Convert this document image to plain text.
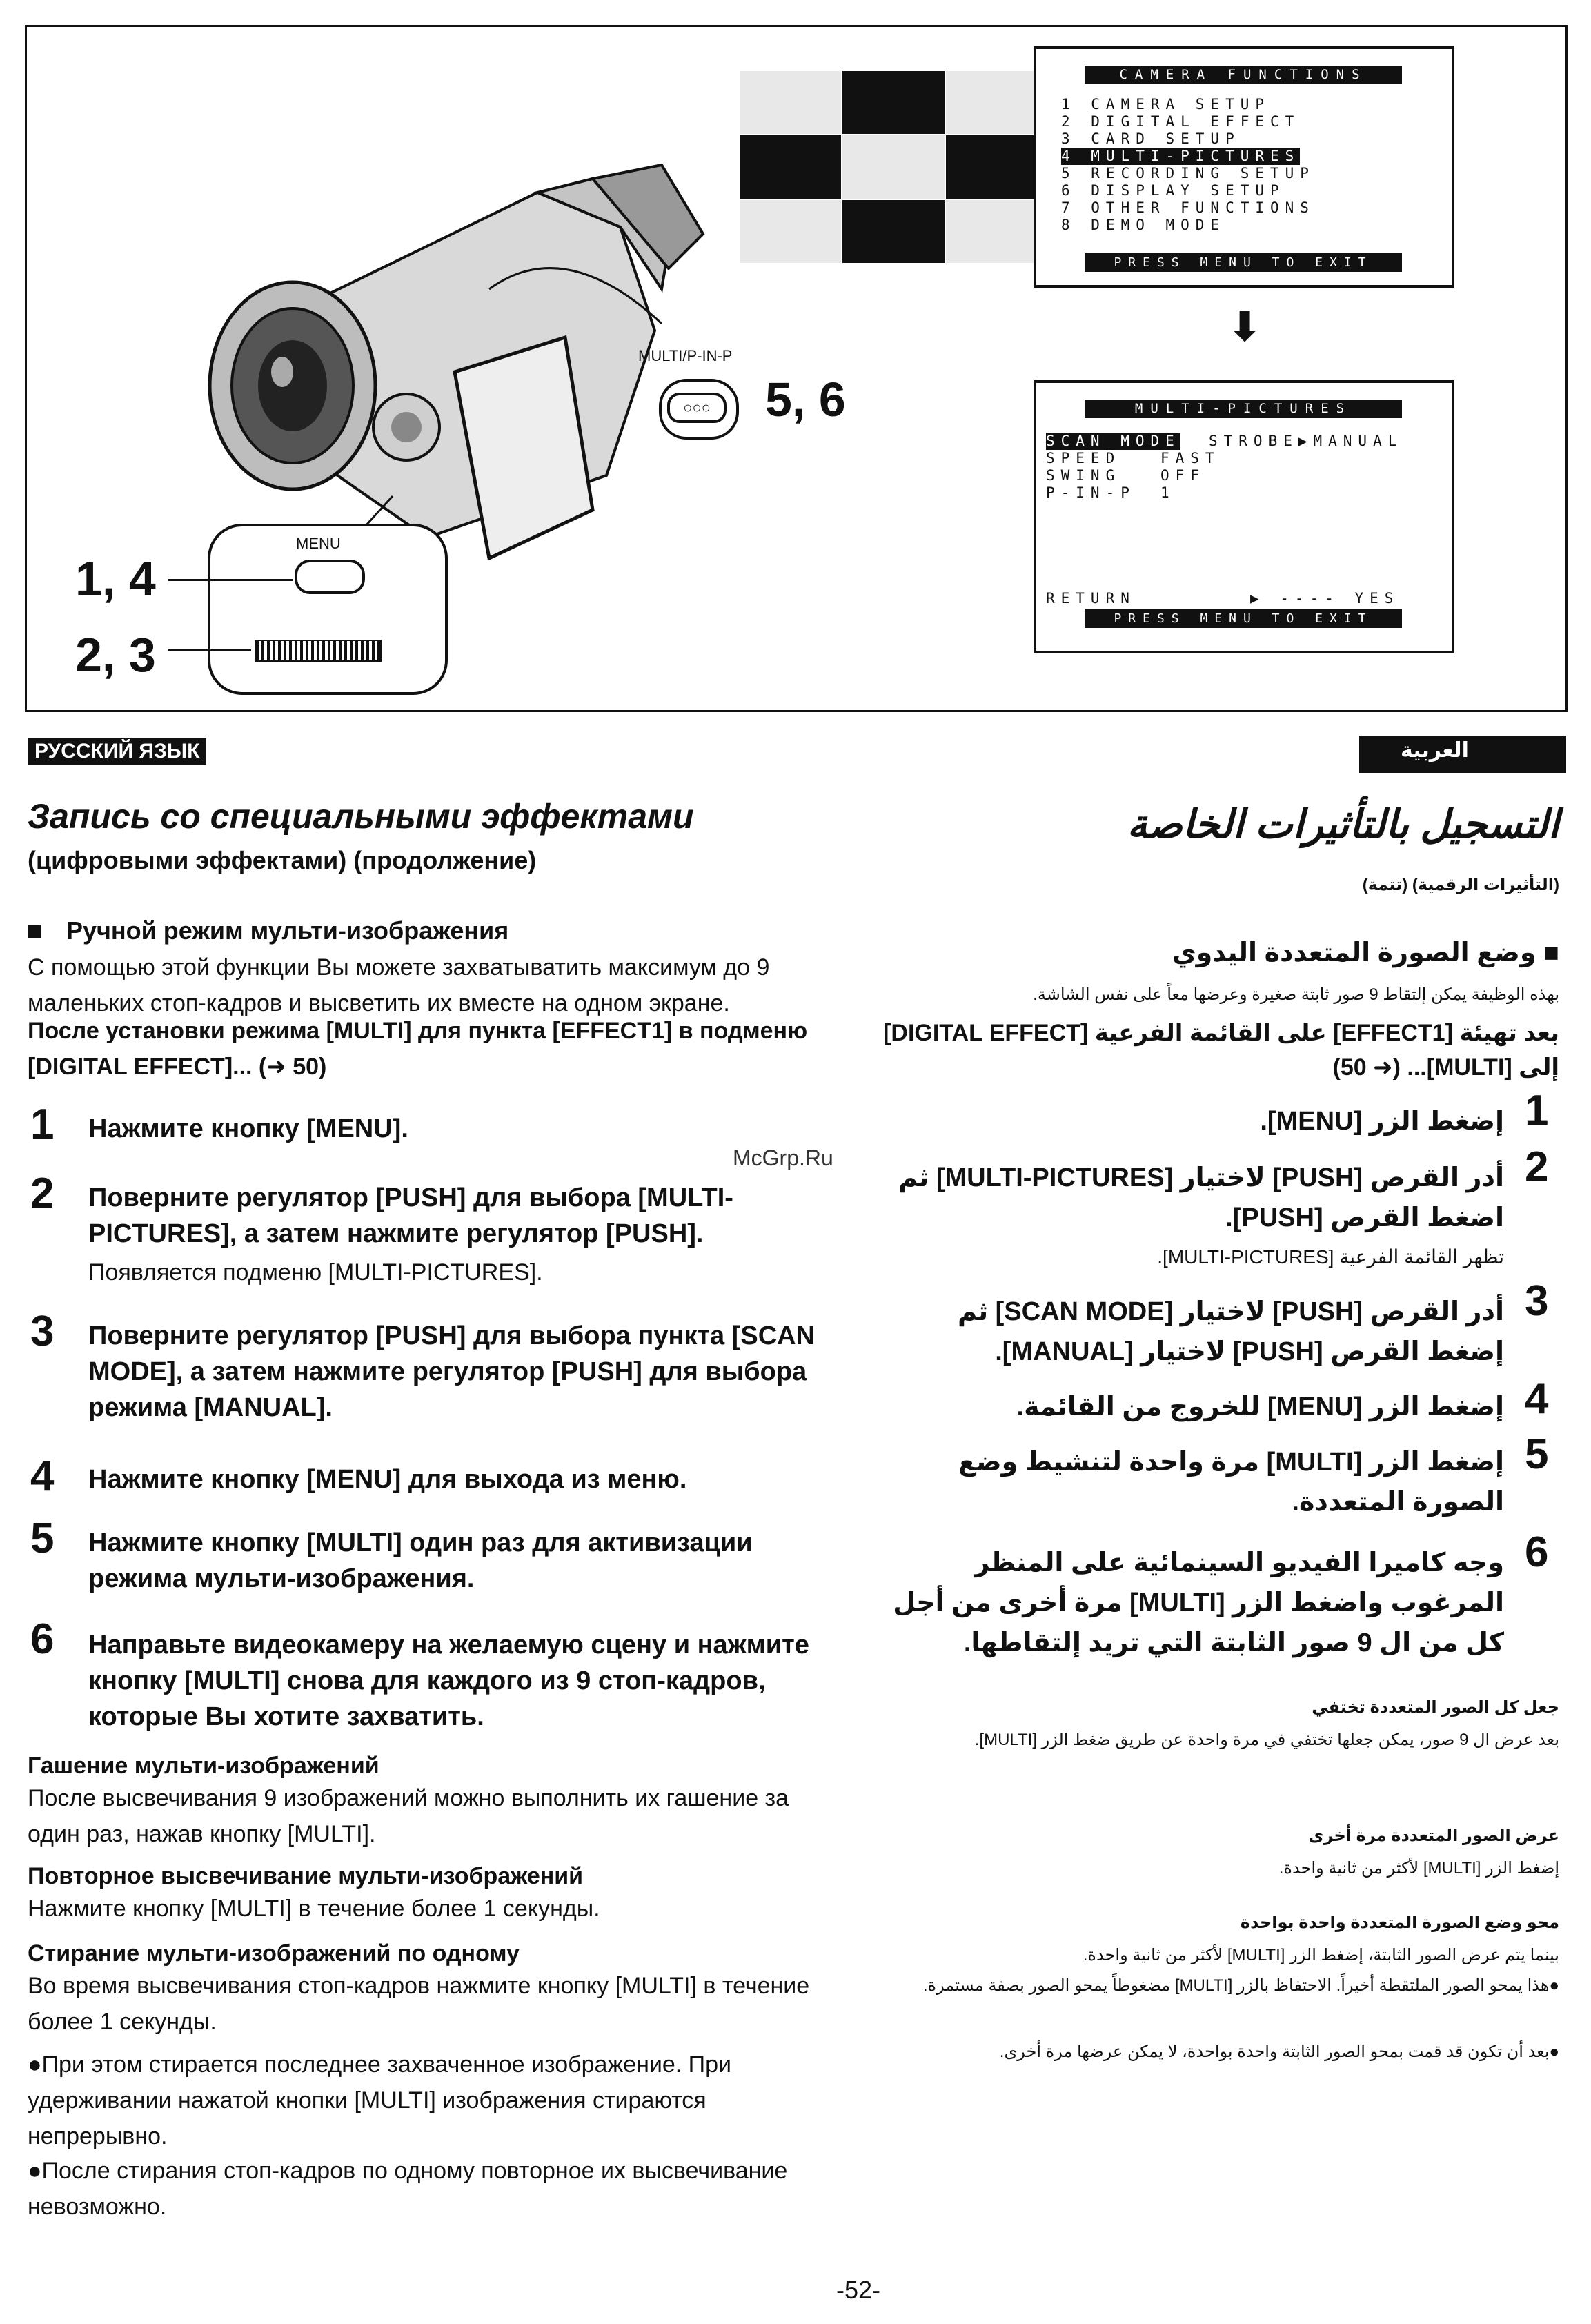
MENU
1, 4
2, 3
MULTI/P-IN-P
○○○	5, 6
CAMERA FUNCTIONS
1 CAMERA SETUP
2 DIGITAL EFFECT
3 CARD SETUP
4 MULTI-PICTURES
5 RECORDING SETUP
6 DISPLAY SETUP
7 OTHER FUNCTIONS
8 DEMO MODE
PRESS MENU TO EXIT
⬇
MULTI-PICTURES
SCAN MODE STROBE▶MANUAL
SPEED	FAST
SWING	OFF
P-IN-P 1
RETURN	▶ ---- YES
PRESS MENU TO EXIT
РУССКИЙ ЯЗЫК	العربية
Запись со специальными эффектами
(цифровыми эффектами) (продолжение)
Ручной режим мульти-изображения
С помощью этой функции Вы можете захватыватить максимум до 9 маленьких стоп-кадров и высветить их вместе на одном экране.
После установки режима [MULTI] для пункта [EFFECT1] в подменю [DIGITAL EFFECT]... (➜ 50)
1 Нажмите кнопку [MENU].
2 Поверните регулятор [PUSH] для выбора [MULTI-PICTURES], а затем нажмите регулятор [PUSH].
Появляется подменю [MULTI-PICTURES].
3 Поверните регулятор [PUSH] для выбора пункта [SCAN MODE], а затем нажмите регулятор [PUSH] для выбора режима [MANUAL].
4 Нажмите кнопку [MENU] для выхода из меню.
5 Нажмите кнопку [MULTI] один раз для активизации режима мульти-изображения.
6 Направьте видеокамеру на желаемую сцену и нажмите кнопку [MULTI] снова для каждого из 9 стоп-кадров, которые Вы хотите захватить.
Гашение мульти-изображений
После высвечивания 9 изображений можно выполнить их гашение за один раз, нажав кнопку [MULTI].
Повторное высвечивание мульти-изображений
Нажмите кнопку [MULTI] в течение более 1 секунды.
Стирание мульти-изображений по одному
Во время высвечивания стоп-кадров нажмите кнопку [MULTI] в течение более 1 секунды.
●При этом стирается последнее захваченное изображение. При удерживании нажатой кнопки [MULTI] изображения стираются непрерывно.
●После стирания стоп-кадров по одному повторное их высвечивание невозможно.
McGrp.Ru
التسجيل بالتأثيرات الخاصة
(التأثيرات الرقمية) (تتمة)
■ وضع الصورة المتعددة اليدوي
بهذه الوظيفة يمكن إلتقاط 9 صور ثابتة صغيرة وعرضها معاً على نفس الشاشة.
بعد تهيئة [EFFECT1] على القائمة الفرعية [DIGITAL EFFECT] إلى [MULTI]... (➜ 50)
1
إضغط الزر [MENU].
2
أدر القرص [PUSH] لاختيار [MULTI-PICTURES] ثم اضغط القرص [PUSH].
تظهر القائمة الفرعية [MULTI-PICTURES].
3
أدر القرص [PUSH] لاختيار [SCAN MODE] ثم إضغط القرص [PUSH] لاختيار [MANUAL].
4
إضغط الزر [MENU] للخروج من القائمة.
5
إضغط الزر [MULTI] مرة واحدة لتنشيط وضع الصورة المتعددة.
6
وجه كاميرا الفيديو السينمائية على المنظر المرغوب واضغط الزر [MULTI] مرة أخرى من أجل كل من ال 9 صور الثابتة التي تريد إلتقاطها.
جعل كل الصور المتعددة تختفي
بعد عرض ال 9 صور، يمكن جعلها تختفي في مرة واحدة عن طريق ضغط الزر [MULTI].
عرض الصور المتعددة مرة أخرى
إضغط الزر [MULTI] لأكثر من ثانية واحدة.
محو وضع الصورة المتعددة واحدة بواحدة
بينما يتم عرض الصور الثابتة، إضغط الزر [MULTI] لأكثر من ثانية واحدة.
●هذا يمحو الصور الملتقطة أخيراً. الاحتفاظ بالزر [MULTI] مضغوطاً يمحو الصور بصفة مستمرة.
●بعد أن تكون قد قمت بمحو الصور الثابتة واحدة بواحدة، لا يمكن عرضها مرة أخرى.
-52-
